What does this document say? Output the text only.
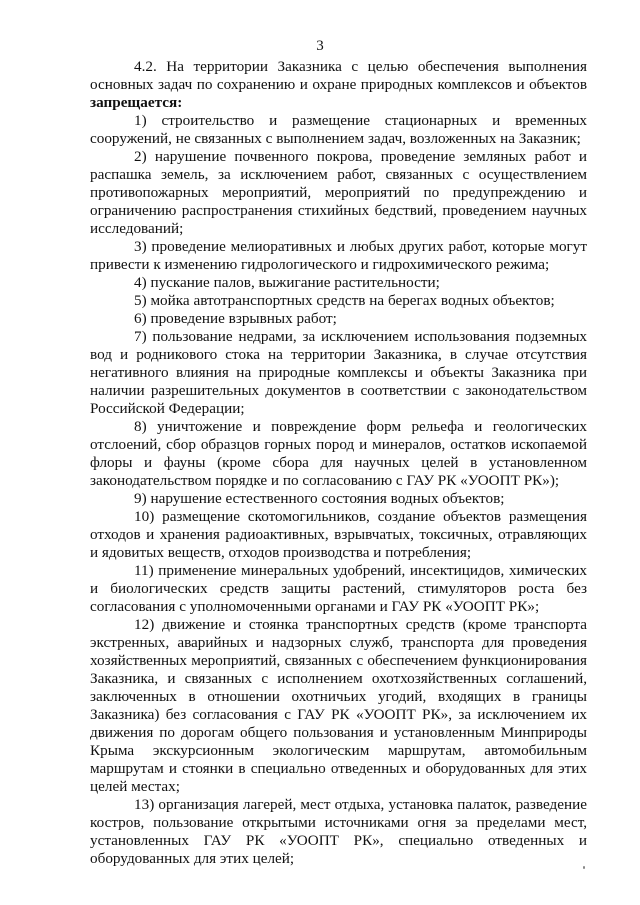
3

4.2. На территории Заказника с целью обеспечения выполнения основных задач по сохранению и охране природных комплексов и объектов запрещается:

1) строительство и размещение стационарных и временных сооружений, не связанных с выполнением задач, возложенных на Заказник;

2) нарушение почвенного покрова, проведение земляных работ и распашка земель, за исключением работ, связанных с осуществлением противопожарных мероприятий, мероприятий по предупреждению и ограничению распространения стихийных бедствий, проведением научных исследований;

3) проведение мелиоративных и любых других работ, которые могут привести к изменению гидрологического и гидрохимического режима;

4) пускание палов, выжигание растительности;

5) мойка автотранспортных средств на берегах водных объектов;

6) проведение взрывных работ;

7) пользование недрами, за исключением использования подземных вод и родникового стока на территории Заказника, в случае отсутствия негативного влияния на природные комплексы и объекты Заказника при наличии разрешительных документов в соответствии с законодательством Российской Федерации;

8) уничтожение и повреждение форм рельефа и геологических отслоений, сбор образцов горных пород и минералов, остатков ископаемой флоры и фауны (кроме сбора для научных целей в установленном законодательством порядке и по согласованию с ГАУ РК «УООПТ РК»);

9) нарушение естественного состояния водных объектов;

10) размещение скотомогильников, создание объектов размещения отходов и хранения радиоактивных, взрывчатых, токсичных, отравляющих и ядовитых веществ, отходов производства и потребления;

11) применение минеральных удобрений, инсектицидов, химических и биологических средств защиты растений, стимуляторов роста без согласования с уполномоченными органами и ГАУ РК «УООПТ РК»;

12) движение и стоянка транспортных средств (кроме транспорта экстренных, аварийных и надзорных служб, транспорта для проведения хозяйственных мероприятий, связанных с обеспечением функционирования Заказника, и связанных с исполнением охотхозяйственных соглашений, заключенных в отношении охотничьих угодий, входящих в границы Заказника) без согласования с ГАУ РК «УООПТ РК», за исключением их движения по дорогам общего пользования и установленным Минприроды Крыма экскурсионным экологическим маршрутам, автомобильным маршрутам и стоянки в специально отведенных и оборудованных для этих целей местах;

13) организация лагерей, мест отдыха, установка палаток, разведение костров, пользование открытыми источниками огня за пределами мест, установленных ГАУ РК «УООПТ РК», специально отведенных и оборудованных для этих целей;
